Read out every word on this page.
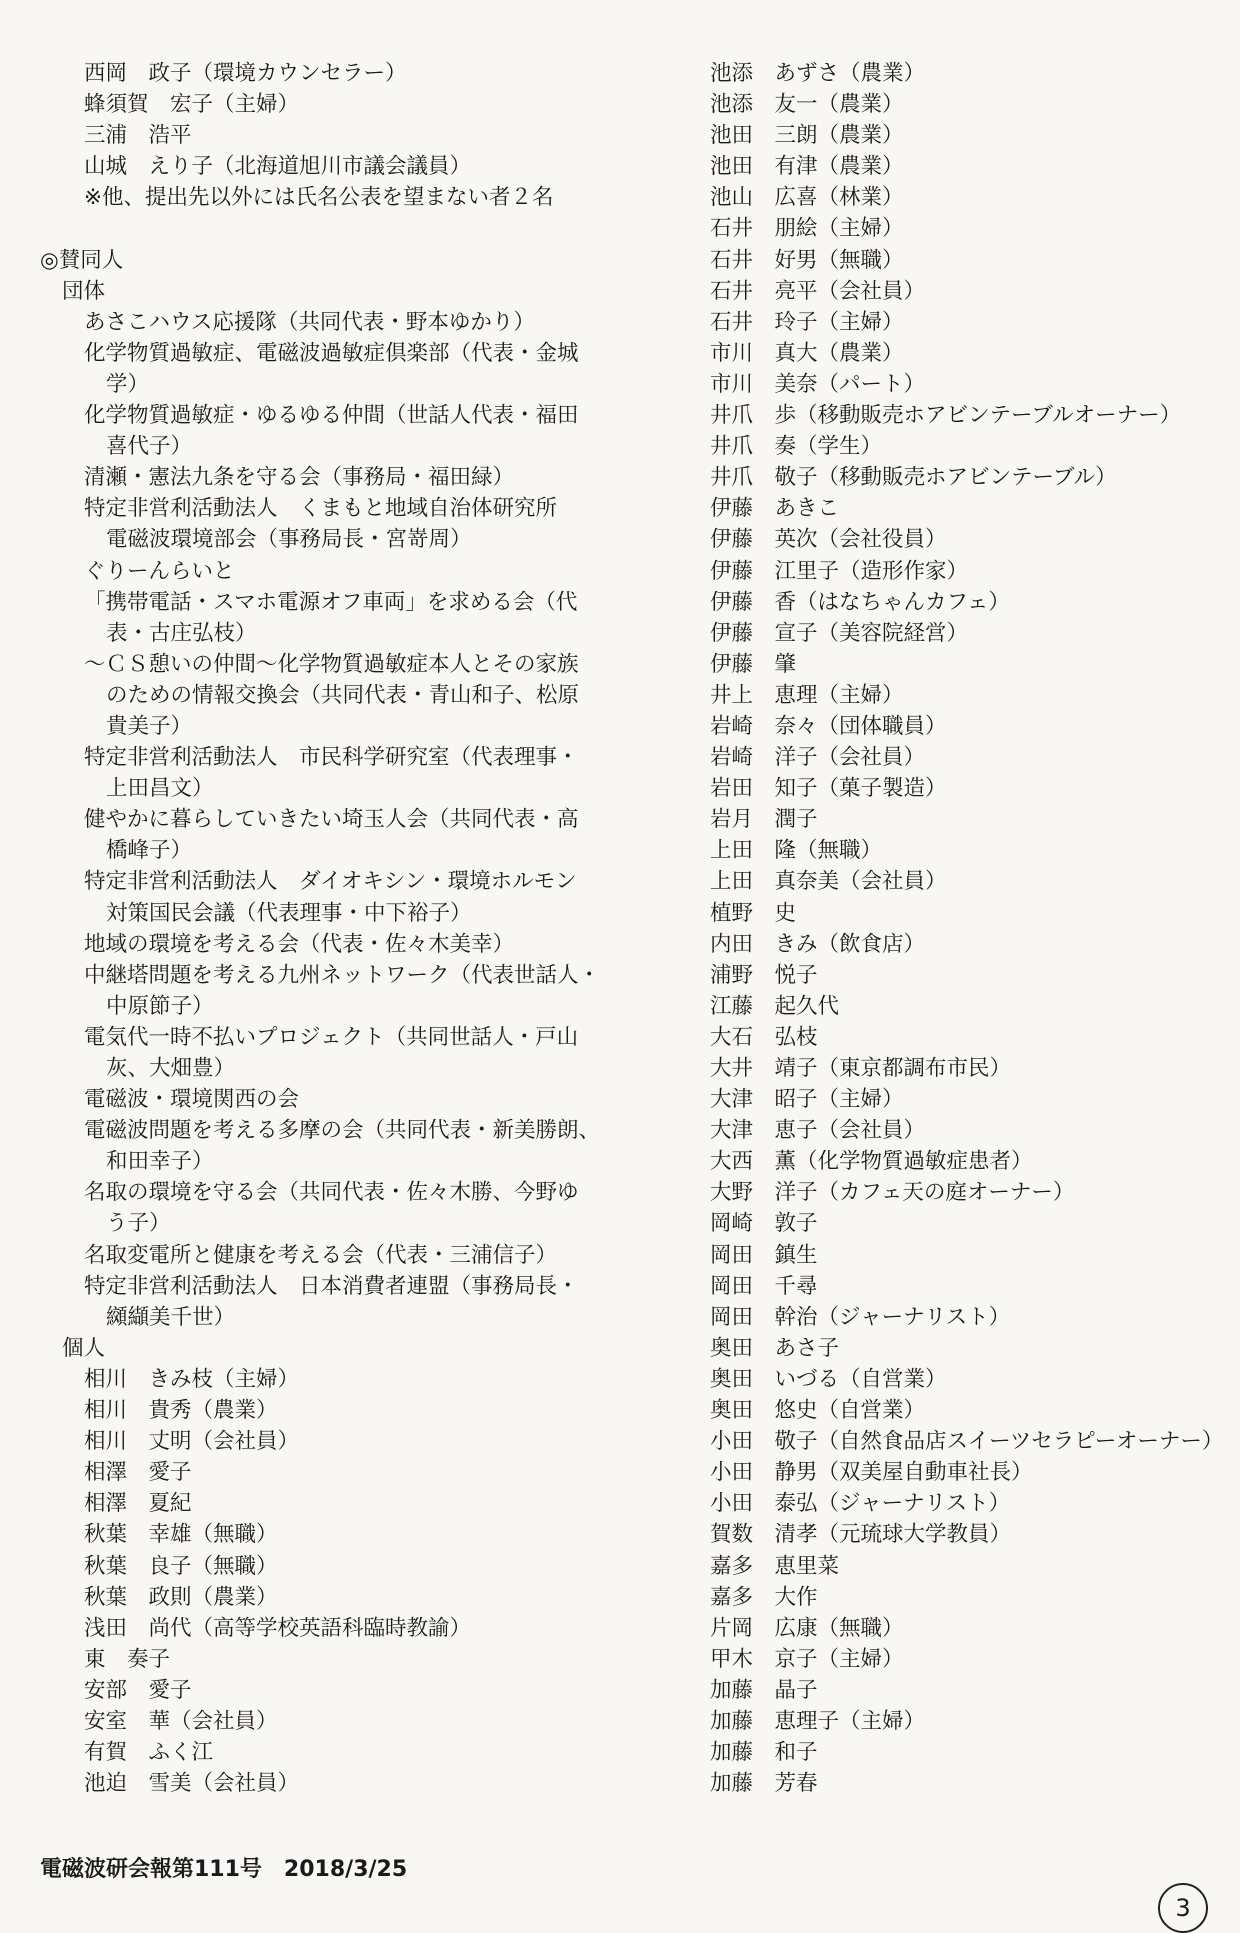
西岡　政子（環境カウンセラー）
蜂須賀　宏子（主婦）
三浦　浩平
山城　えり子（北海道旭川市議会議員）
※他、提出先以外には氏名公表を望まない者２名
◎賛同人
団体
あさこハウス応援隊（共同代表・野本ゆかり）
化学物質過敏症、電磁波過敏症倶楽部（代表・金城
学）
化学物質過敏症・ゆるゆる仲間（世話人代表・福田
喜代子）
清瀬・憲法九条を守る会（事務局・福田緑）
特定非営利活動法人　くまもと地域自治体研究所
電磁波環境部会（事務局長・宮嵜周）
ぐりーんらいと
「携帯電話・スマホ電源オフ車両」を求める会（代
表・古庄弘枝）
～ＣＳ憩いの仲間～化学物質過敏症本人とその家族
のための情報交換会（共同代表・青山和子、松原
貴美子）
特定非営利活動法人　市民科学研究室（代表理事・
上田昌文）
健やかに暮らしていきたい埼玉人会（共同代表・高
橋峰子）
特定非営利活動法人　ダイオキシン・環境ホルモン
対策国民会議（代表理事・中下裕子）
地域の環境を考える会（代表・佐々木美幸）
中継塔問題を考える九州ネットワーク（代表世話人・
中原節子）
電気代一時不払いプロジェクト（共同世話人・戸山
灰、大畑豊）
電磁波・環境関西の会
電磁波問題を考える多摩の会（共同代表・新美勝朗、
和田幸子）
名取の環境を守る会（共同代表・佐々木勝、今野ゆ
う子）
名取変電所と健康を考える会（代表・三浦信子）
特定非営利活動法人　日本消費者連盟（事務局長・
纐纈美千世）
個人
相川　きみ枝（主婦）
相川　貴秀（農業）
相川　丈明（会社員）
相澤　愛子
相澤　夏紀
秋葉　幸雄（無職）
秋葉　良子（無職）
秋葉　政則（農業）
浅田　尚代（高等学校英語科臨時教諭）
東　奏子
安部　愛子
安室　華（会社員）
有賀　ふく江
池迫　雪美（会社員）
池添　あずさ（農業）
池添　友一（農業）
池田　三朗（農業）
池田　有津（農業）
池山　広喜（林業）
石井　朋絵（主婦）
石井　好男（無職）
石井　亮平（会社員）
石井　玲子（主婦）
市川　真大（農業）
市川　美奈（パート）
井爪　歩（移動販売ホアビンテーブルオーナー）
井爪　奏（学生）
井爪　敬子（移動販売ホアビンテーブル）
伊藤　あきこ
伊藤　英次（会社役員）
伊藤　江里子（造形作家）
伊藤　香（はなちゃんカフェ）
伊藤　宣子（美容院経営）
伊藤　肇
井上　恵理（主婦）
岩崎　奈々（団体職員）
岩崎　洋子（会社員）
岩田　知子（菓子製造）
岩月　潤子
上田　隆（無職）
上田　真奈美（会社員）
植野　史
内田　きみ（飲食店）
浦野　悦子
江藤　起久代
大石　弘枝
大井　靖子（東京都調布市民）
大津　昭子（主婦）
大津　恵子（会社員）
大西　薫（化学物質過敏症患者）
大野　洋子（カフェ天の庭オーナー）
岡崎　敦子
岡田　鎮生
岡田　千尋
岡田　幹治（ジャーナリスト）
奥田　あさ子
奥田　いづる（自営業）
奥田　悠史（自営業）
小田　敬子（自然食品店スイーツセラピーオーナー）
小田　静男（双美屋自動車社長）
小田　泰弘（ジャーナリスト）
賀数　清孝（元琉球大学教員）
嘉多　恵里菜
嘉多　大作
片岡　広康（無職）
甲木　京子（主婦）
加藤　晶子
加藤　恵理子（主婦）
加藤　和子
加藤　芳春
電磁波研会報第111号　2018/3/25
3
